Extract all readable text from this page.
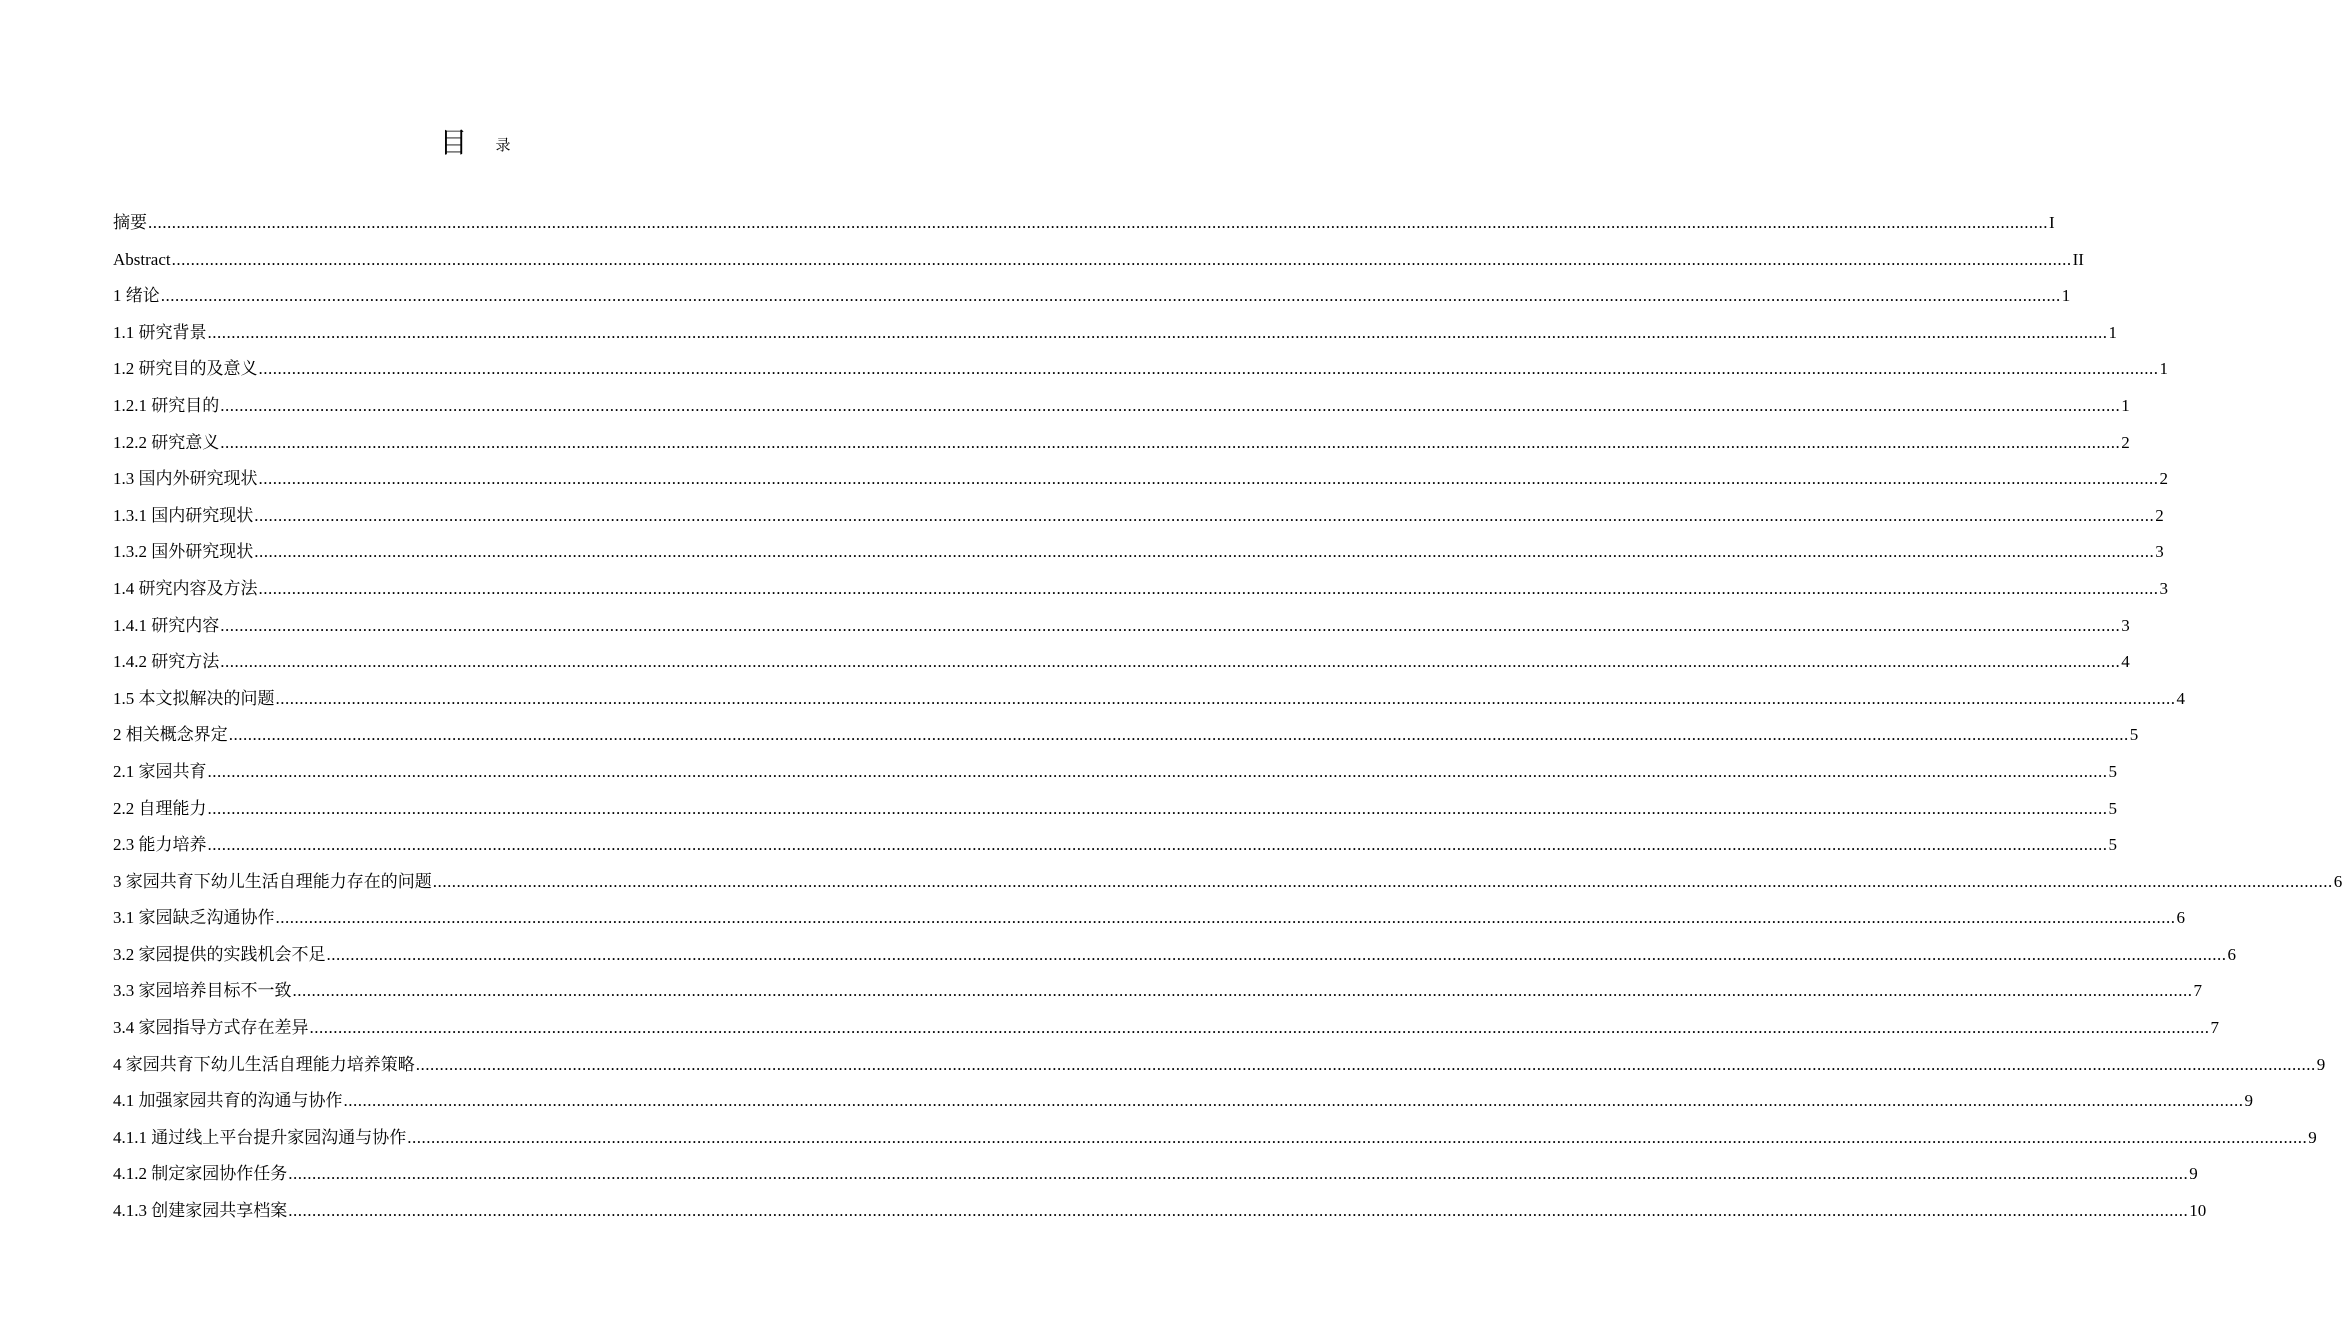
目 录
摘要 ................................................................................................................................................................................................................................................................................................................................................................................................................ I
Abstract ................................................................................................................................................................................................................................................................................................................................................................................................................ II
1 绪论 ................................................................................................................................................................................................................................................................................................................................................................................................................ 1
1.1 研究背景 ................................................................................................................................................................................................................................................................................................................................................................................................................ 1
1.2 研究目的及意义 ................................................................................................................................................................................................................................................................................................................................................................................................................ 1
1.2.1 研究目的 ................................................................................................................................................................................................................................................................................................................................................................................................................ 1
1.2.2 研究意义 ................................................................................................................................................................................................................................................................................................................................................................................................................ 2
1.3 国内外研究现状 ................................................................................................................................................................................................................................................................................................................................................................................................................ 2
1.3.1 国内研究现状 ................................................................................................................................................................................................................................................................................................................................................................................................................ 2
1.3.2 国外研究现状 ................................................................................................................................................................................................................................................................................................................................................................................................................ 3
1.4 研究内容及方法 ................................................................................................................................................................................................................................................................................................................................................................................................................ 3
1.4.1 研究内容 ................................................................................................................................................................................................................................................................................................................................................................................................................ 3
1.4.2 研究方法 ................................................................................................................................................................................................................................................................................................................................................................................................................ 4
1.5 本文拟解决的问题 ................................................................................................................................................................................................................................................................................................................................................................................................................ 4
2 相关概念界定 ................................................................................................................................................................................................................................................................................................................................................................................................................ 5
2.1 家园共育 ................................................................................................................................................................................................................................................................................................................................................................................................................ 5
2.2 自理能力 ................................................................................................................................................................................................................................................................................................................................................................................................................ 5
2.3 能力培养 ................................................................................................................................................................................................................................................................................................................................................................................................................ 5
3 家园共育下幼儿生活自理能力存在的问题 ................................................................................................................................................................................................................................................................................................................................................................................................................ 6
3.1 家园缺乏沟通协作 ................................................................................................................................................................................................................................................................................................................................................................................................................ 6
3.2 家园提供的实践机会不足 ................................................................................................................................................................................................................................................................................................................................................................................................................ 6
3.3 家园培养目标不一致 ................................................................................................................................................................................................................................................................................................................................................................................................................ 7
3.4 家园指导方式存在差异 ................................................................................................................................................................................................................................................................................................................................................................................................................ 7
4 家园共育下幼儿生活自理能力培养策略 ................................................................................................................................................................................................................................................................................................................................................................................................................ 9
4.1 加强家园共育的沟通与协作 ................................................................................................................................................................................................................................................................................................................................................................................................................ 9
4.1.1 通过线上平台提升家园沟通与协作 ................................................................................................................................................................................................................................................................................................................................................................................................................ 9
4.1.2 制定家园协作任务 ................................................................................................................................................................................................................................................................................................................................................................................................................ 9
4.1.3 创建家园共享档案 ................................................................................................................................................................................................................................................................................................................................................................................................................ 10
